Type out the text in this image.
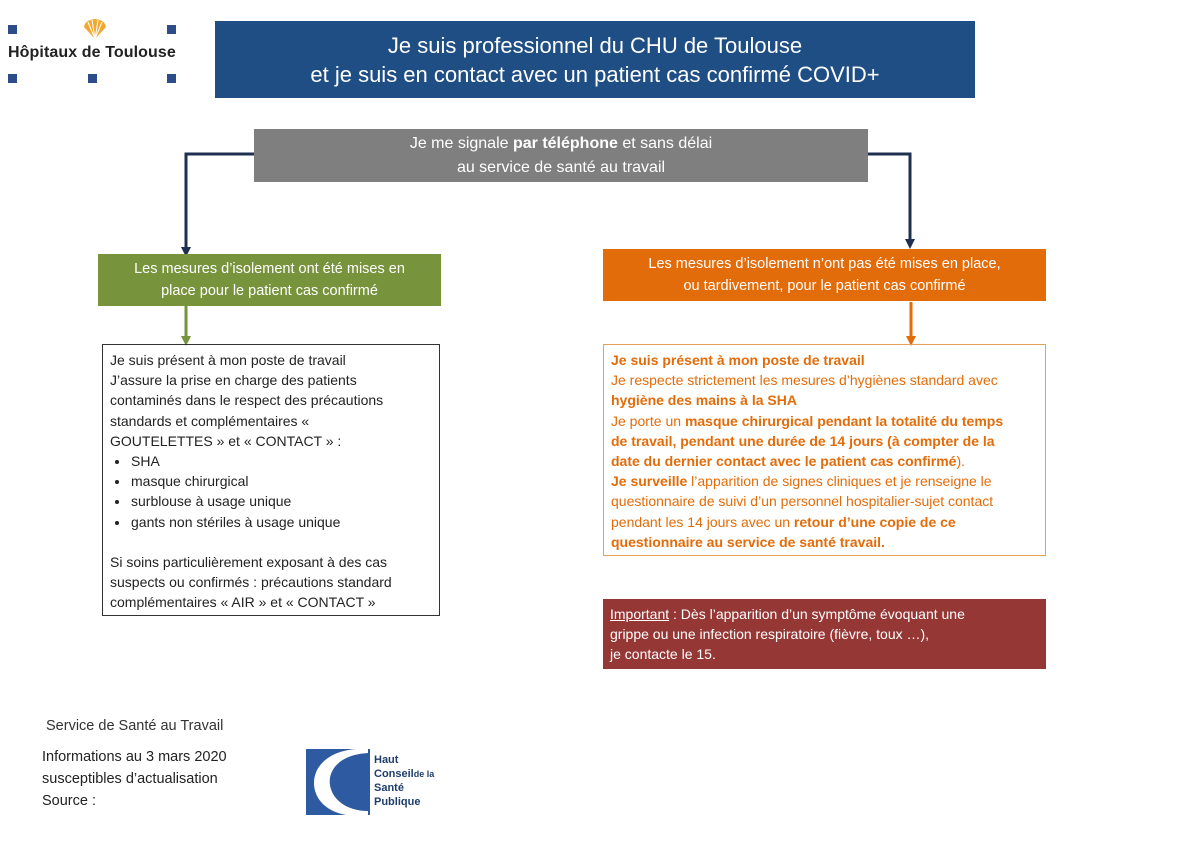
Hôpitaux de Toulouse	Je suis professionnel du CHU de Toulouse
et je suis en contact avec un patient cas confirmé COVID+
Je me signale par téléphone et sans délai
au service de santé au travail
Les mesures d’isolement ont été mises en
place pour le patient cas confirmé
Les mesures d’isolement n’ont pas été mises en place,
ou tardivement, pour le patient cas confirmé
Je suis présent à mon poste de travail
J’assure la prise en charge des patients
contaminés dans le respect des précautions
standards et complémentaires «
GOUTELETTES » et « CONTACT » :
• SHA
• masque chirurgical
• surblouse à usage unique
• gants non stériles à usage unique
Si soins particulièrement exposant à des cas
suspects ou confirmés : précautions standard
complémentaires « AIR » et « CONTACT »
Je suis présent à mon poste de travail
Je respecte strictement les mesures d’hygiènes standard avec
hygiène des mains à la SHA
Je porte un masque chirurgical pendant la totalité du temps
de travail, pendant une durée de 14 jours (à compter de la
date du dernier contact avec le patient cas confirmé).
Je surveille l’apparition de signes cliniques et je renseigne le
questionnaire de suivi d’un personnel hospitalier-sujet contact
pendant les 14 jours avec un retour d’une copie de ce
questionnaire au service de santé travail.
Important : Dès l’apparition d’un symptôme évoquant une
grippe ou une infection respiratoire (fièvre, toux …),
je contacte le 15.
Service de Santé au Travail
Informations au 3 mars 2020
susceptibles d’actualisation
Source :
Haut
Conseilde la
Santé
Publique
